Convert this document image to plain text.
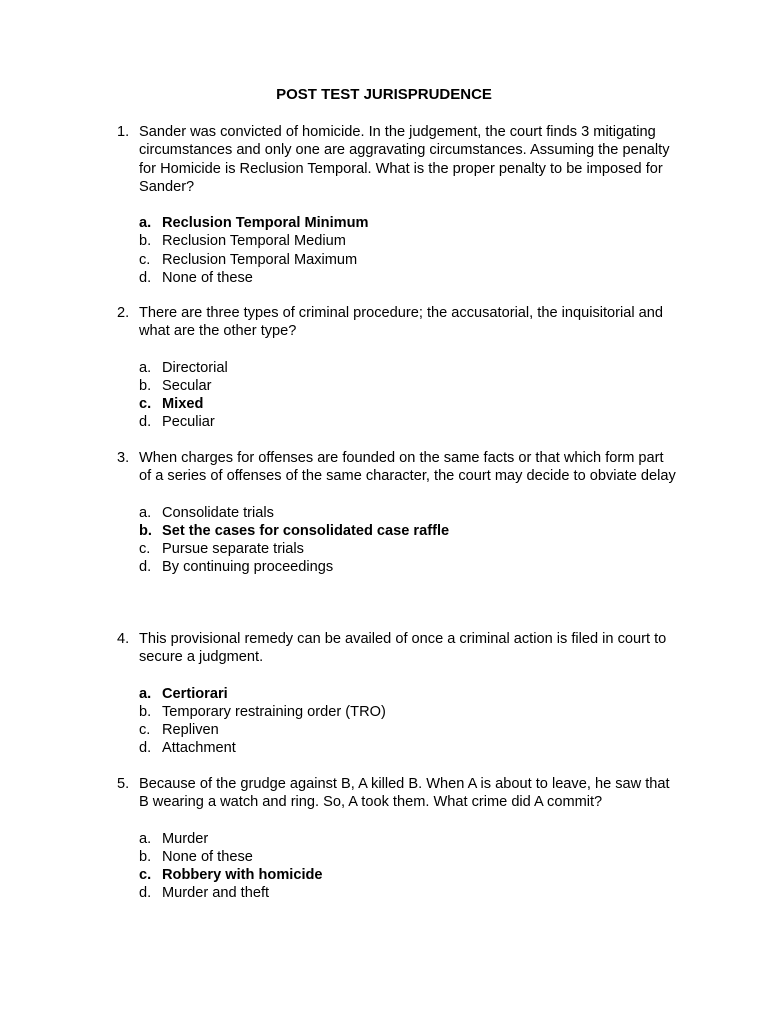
POST TEST JURISPRUDENCE
1. Sander was convicted of homicide. In the judgement, the court finds 3 mitigating circumstances and only one are aggravating circumstances. Assuming the penalty for Homicide is Reclusion Temporal. What is the proper penalty to be imposed for Sander?
a. Reclusion Temporal Minimum
b. Reclusion Temporal Medium
c. Reclusion Temporal Maximum
d. None of these
2. There are three types of criminal procedure; the accusatorial, the inquisitorial and what are the other type?
a. Directorial
b. Secular
c. Mixed
d. Peculiar
3. When charges for offenses are founded on the same facts or that which form part of a series of offenses of the same character, the court may decide to obviate delay
a. Consolidate trials
b. Set the cases for consolidated case raffle
c. Pursue separate trials
d. By continuing proceedings
4. This provisional remedy can be availed of once a criminal action is filed in court to secure a judgment.
a. Certiorari
b. Temporary restraining order (TRO)
c. Repliven
d. Attachment
5. Because of the grudge against B, A killed B. When A is about to leave, he saw that B wearing a watch and ring. So, A took them. What crime did A commit?
a. Murder
b. None of these
c. Robbery with homicide
d. Murder and theft
